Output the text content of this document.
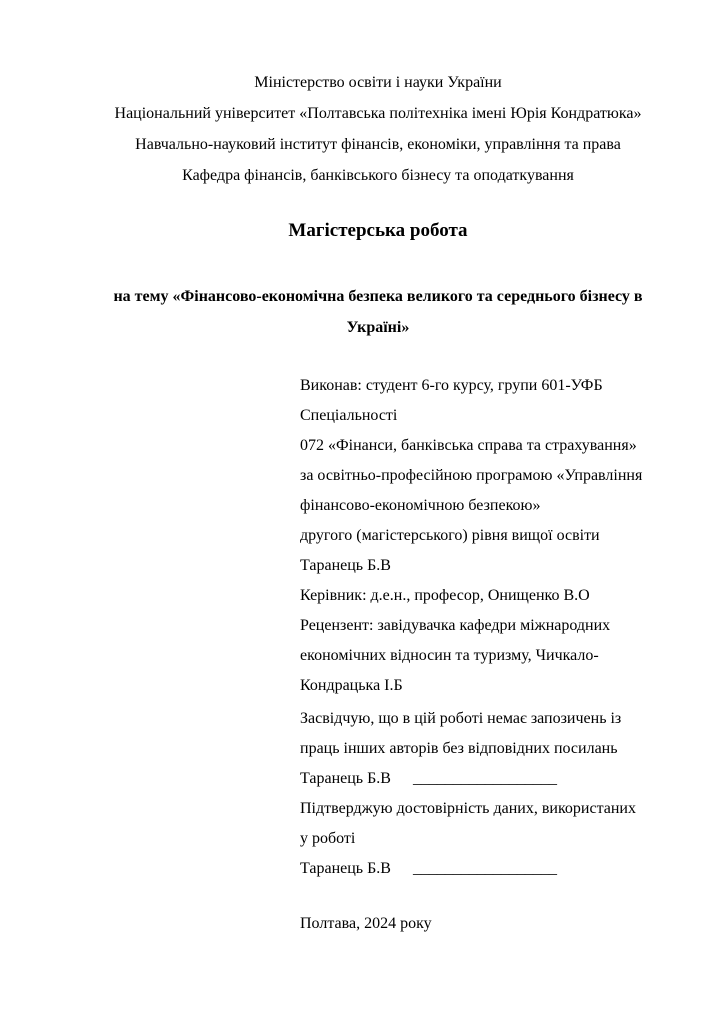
Міністерство освіти і науки України
Національний університет «Полтавська політехніка імені Юрія Кондратюка»
Навчально-науковий інститут фінансів, економіки, управління та права
Кафедра фінансів, банківського бізнесу та оподаткування
Магістерська робота
на тему «Фінансово-економічна безпека великого та середнього бізнесу в
Україні»
Виконав: студент 6-го курсу, групи 601-УФБ
Спеціальності
072 «Фінанси, банківська справа та страхування»
за освітньо-професійною програмою «Управління
фінансово-економічною безпекою»
другого (магістерського) рівня вищої освіти
Таранець Б.В
Керівник: д.е.н., професор, Онищенко В.О
Рецензент: завідувачка кафедри міжнародних
економічних відносин та туризму, Чичкало-
Кондрацька І.Б
Засвідчую, що в цій роботі немає запозичень із
праць інших авторів без відповідних посилань
Таранець Б.В __________________
Підтверджую достовірність даних, використаних
у роботі
Таранець Б.В __________________
Полтава, 2024 року
